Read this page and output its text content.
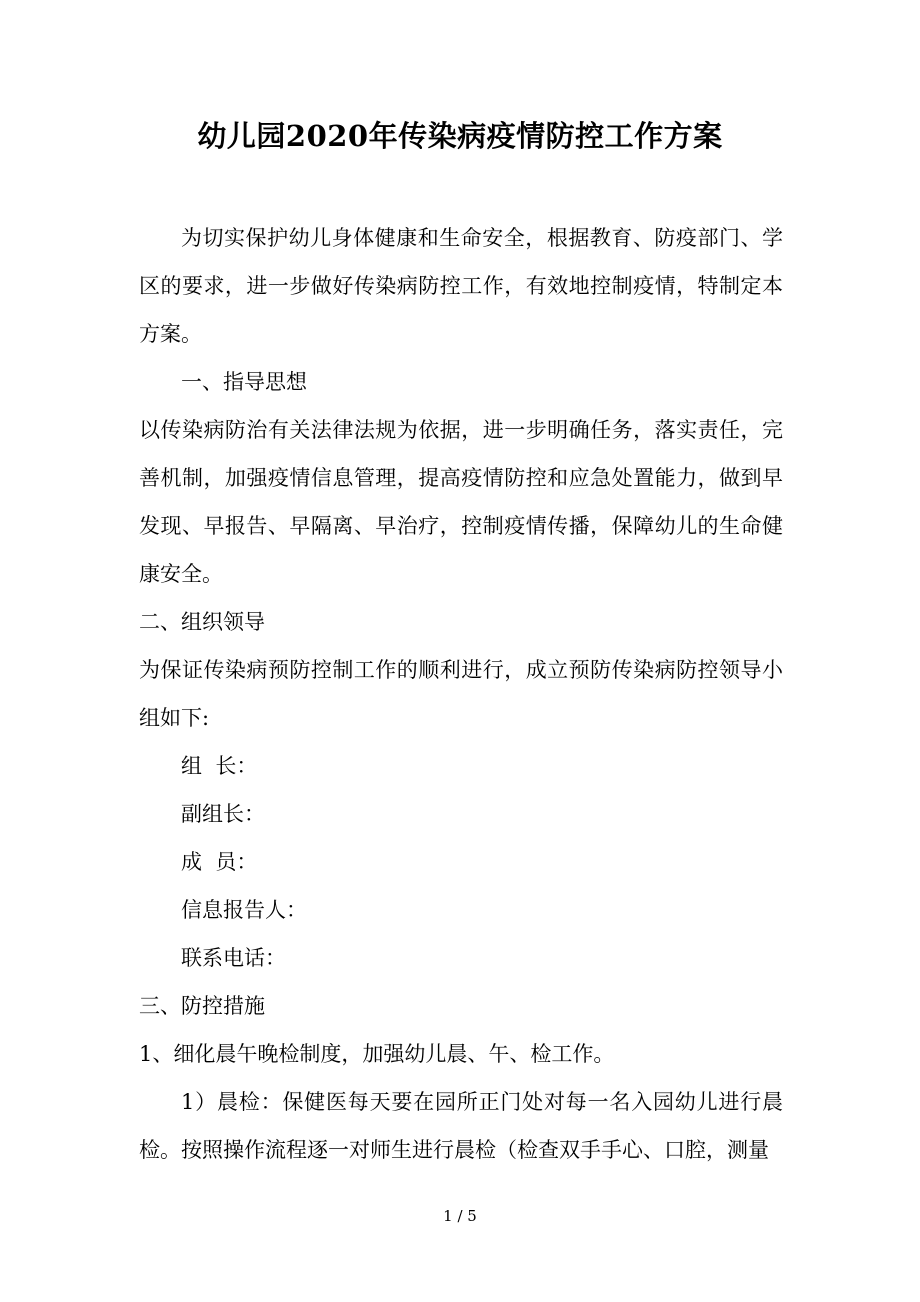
幼儿园2020年传染病疫情防控工作方案

为切实保护幼儿身体健康和生命安全，根据教育、防疫部门、学区的要求，进一步做好传染病防控工作，有效地控制疫情，特制定本方案。

一、指导思想

以传染病防治有关法律法规为依据，进一步明确任务，落实责任，完善机制，加强疫情信息管理，提高疫情防控和应急处置能力，做到早发现、早报告、早隔离、早治疗，控制疫情传播，保障幼儿的生命健康安全。

二、组织领导

为保证传染病预防控制工作的顺利进行，成立预防传染病防控领导小组如下:

组  长：

副组长：

成  员：

信息报告人：

联系电话：

三、防控措施

1、细化晨午晚检制度，加强幼儿晨、午、检工作。

1）晨检：保健医每天要在园所正门处对每一名入园幼儿进行晨检。按照操作流程逐一对师生进行晨检（检查双手手心、口腔，测量

1 / 5
